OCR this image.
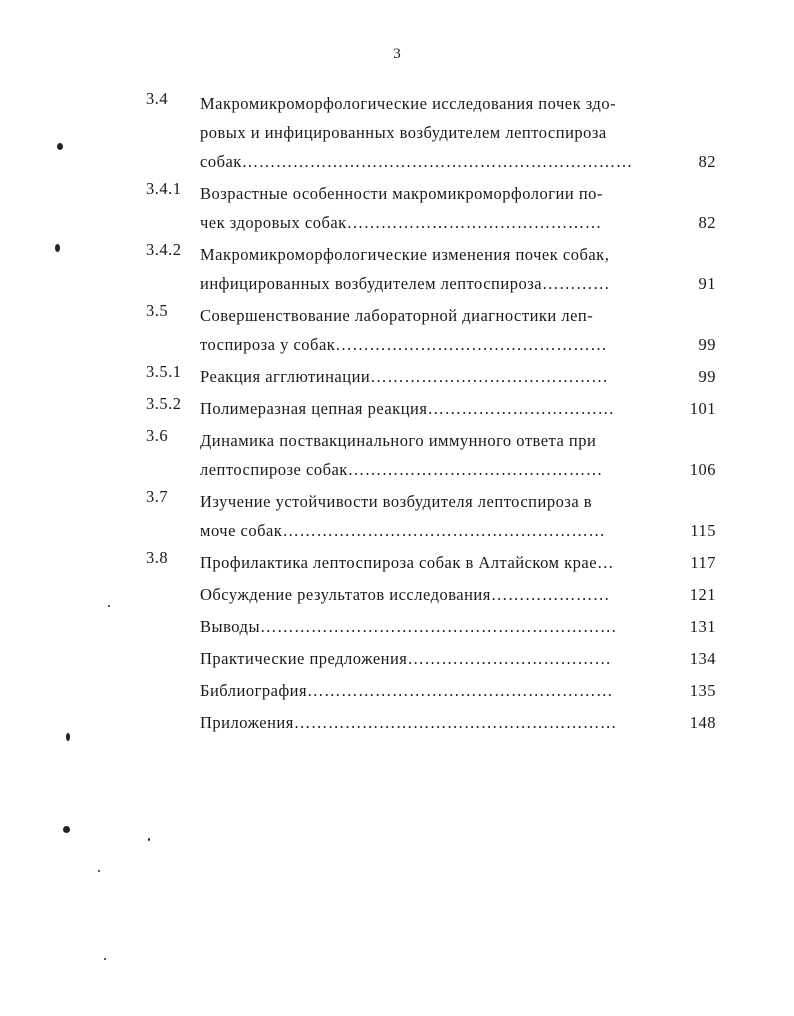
3
3.4 Макромикроморфологические исследования почек здо-
ровых и инфицированных возбудителем лептоспироза
собак……………………………………………………………	82
3.4.1 Возрастные особенности макромикроморфологии по-
чек здоровых собак………………………………………	82
3.4.2 Макромикроморфологические изменения почек собак,
инфицированных возбудителем лептоспироза…………	91
3.5 Совершенствование лабораторной диагностики леп-
тоспироза у собак…………………………………………	99
3.5.1 Реакция агглютинации……………………………………	99
3.5.2 Полимеразная цепная реакция……………………………	101
3.6 Динамика поствакцинального иммунного ответа при
лептоспирозе собак………………………………………	106
3.7 Изучение устойчивости возбудителя лептоспироза в
моче собак…………………………………………………	115
3.8 Профилактика лептоспироза собак в Алтайском крае…	117
Обсуждение результатов исследования…………………	121
Выводы………………………………………………………	131
Практические предложения………………………………	134
Библиография………………………………………………	135
Приложения…………………………………………………	148
